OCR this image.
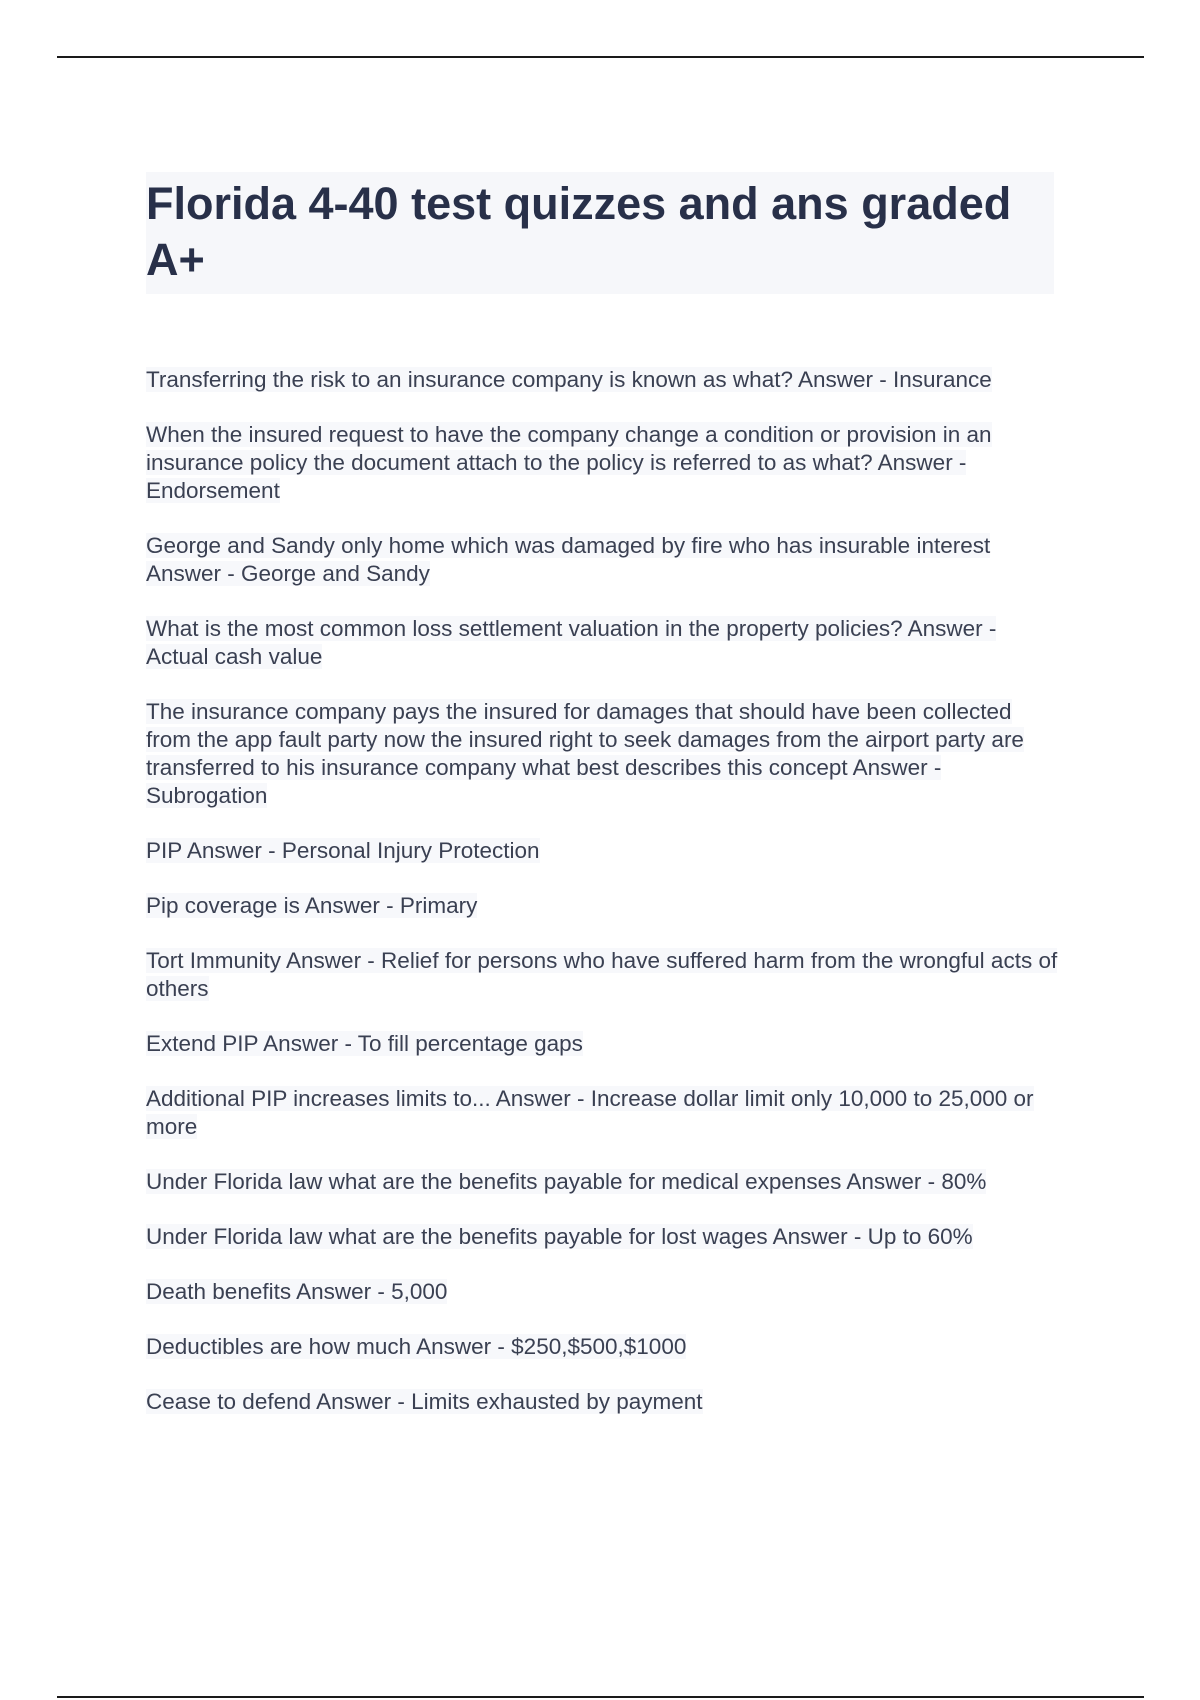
Florida 4-40 test quizzes and ans graded A+
Transferring the risk to an insurance company is known as what? Answer - Insurance
When the insured request to have the company change a condition or provision in an insurance policy the document attach to the policy is referred to as what? Answer - Endorsement
George and Sandy only home which was damaged by fire who has insurable interest Answer - George and Sandy
What is the most common loss settlement valuation in the property policies? Answer - Actual cash value
The insurance company pays the insured for damages that should have been collected from the app fault party now the insured right to seek damages from the airport party are transferred to his insurance company what best describes this concept Answer - Subrogation
PIP Answer - Personal Injury Protection
Pip coverage is Answer - Primary
Tort Immunity Answer - Relief for persons who have suffered harm from the wrongful acts of others
Extend PIP Answer - To fill percentage gaps
Additional PIP increases limits to... Answer - Increase dollar limit only 10,000 to 25,000 or more
Under Florida law what are the benefits payable for medical expenses Answer - 80%
Under Florida law what are the benefits payable for lost wages Answer - Up to 60%
Death benefits Answer - 5,000
Deductibles are how much Answer - $250,$500,$1000
Cease to defend Answer - Limits exhausted by payment
